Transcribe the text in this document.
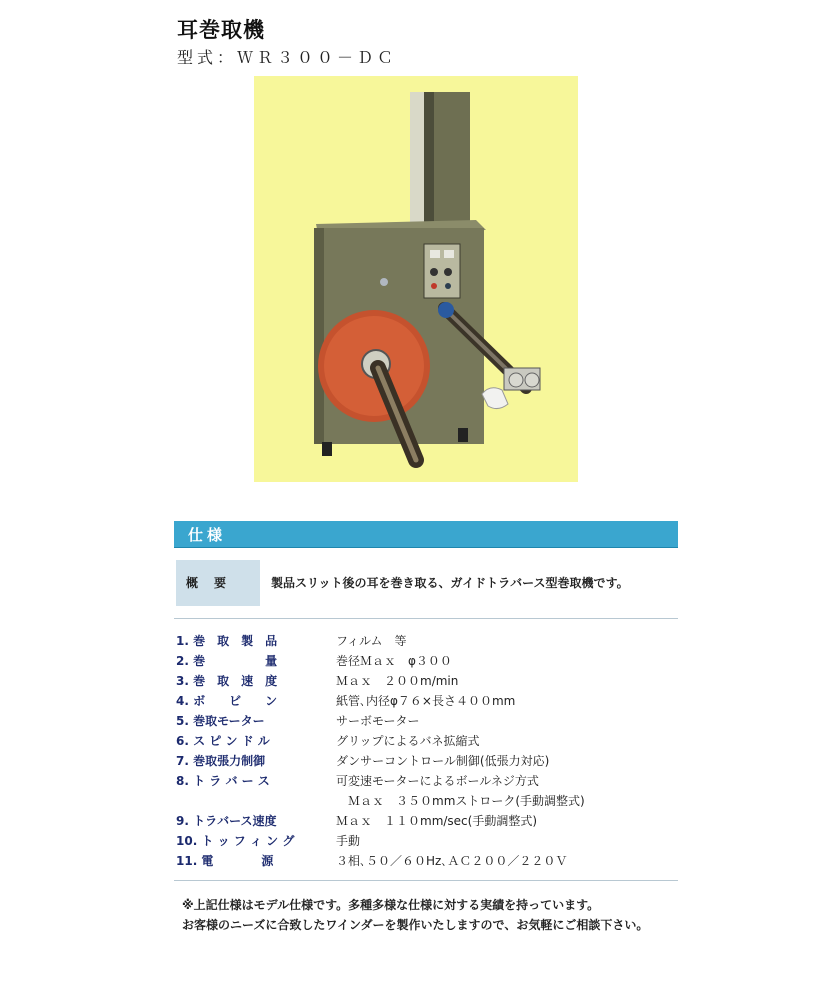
耳巻取機
型式：ＷＲ３００－ＤＣ
仕様
概　要	製品スリット後の耳を巻き取る、ガイドトラバース型巻取機です。
1. 巻　取　製　品	フィルム　等
2. 巻　　　　　量	巻径Ｍａｘ　φ３００
3. 巻　取　速　度	Ｍａｘ　２００m/min
4. ボ　　ビ　　ン	紙管､内径φ７６×長さ４００mm
5. 巻取モーター	サーボモーター
6. ス ピ ン ド ル	グリップによるバネ拡縮式
7. 巻取張力制御	ダンサーコントロール制御(低張力対応)
8. ト ラ バ ー ス	可変速モーターによるボールネジ方式
　Ｍａｘ　３５０mmストローク(手動調整式)
9. トラバース速度	Ｍａｘ　１１０mm/sec(手動調整式)
10. ト ッ フ ィ ン グ	手動
11. 電　　　　源	３相､５０／６０Hz､ＡＣ２００／２２０Ｖ
※上記仕様はモデル仕様です。多種多様な仕様に対する実績を持っています。
お客様のニーズに合致したワインダーを製作いたしますので、お気軽にご相談下さい。
